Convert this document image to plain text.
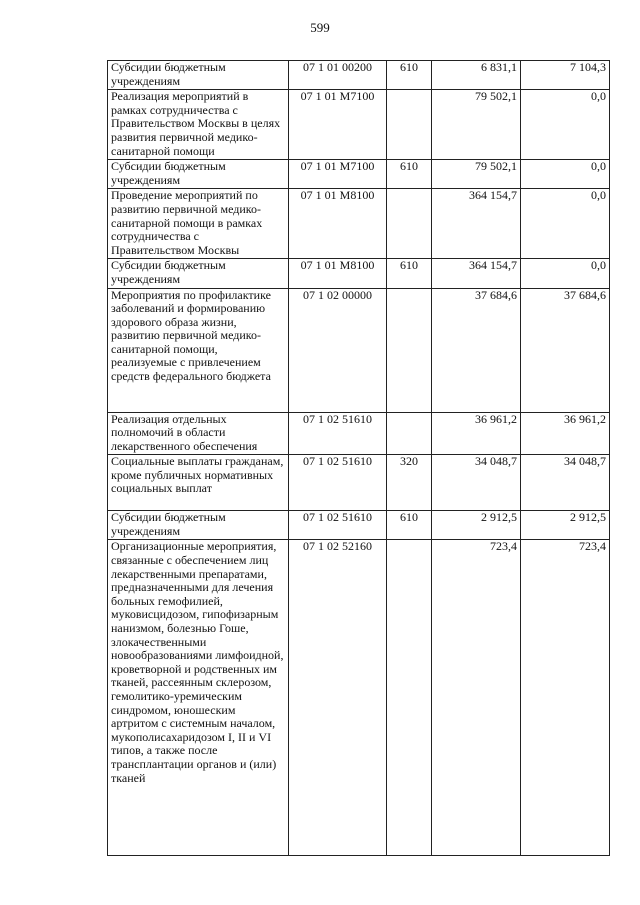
599
Субсидии бюджетным учреждениям	07 1 01 00200	610	6 831,1	7 104,3
Реализация мероприятий в рамках сотрудничества с Правительством Москвы в целях развития первичной медико-санитарной помощи	07 1 01 M7100		79 502,1	0,0
Субсидии бюджетным учреждениям	07 1 01 M7100	610	79 502,1	0,0
Проведение мероприятий по развитию первичной медико-санитарной помощи в рамках сотрудничества с Правительством Москвы	07 1 01 M8100		364 154,7	0,0
Субсидии бюджетным учреждениям	07 1 01 M8100	610	364 154,7	0,0
Мероприятия по профилактике заболеваний и формированию здорового образа жизни, развитию первичной медико-санитарной помощи, реализуемые с привлечением средств федерального бюджета	07 1 02 00000		37 684,6	37 684,6
Реализация отдельных полномочий в области лекарственного обеспечения	07 1 02 51610		36 961,2	36 961,2
Социальные выплаты гражданам, кроме публичных нормативных социальных выплат	07 1 02 51610	320	34 048,7	34 048,7
Субсидии бюджетным учреждениям	07 1 02 51610	610	2 912,5	2 912,5
Организационные мероприятия, связанные с обеспечением лиц лекарственными препаратами, предназначенными для лечения больных гемофилией, муковисцидозом, гипофизарным нанизмом, болезнью Гоше, злокачественными новообразованиями лимфоидной, кроветворной и родственных им тканей, рассеянным склерозом, гемолитико-уремическим синдромом, юношеским артритом с системным началом, мукополисахаридозом I, II и VI типов, а также после трансплантации органов и (или) тканей	07 1 02 52160		723,4	723,4
